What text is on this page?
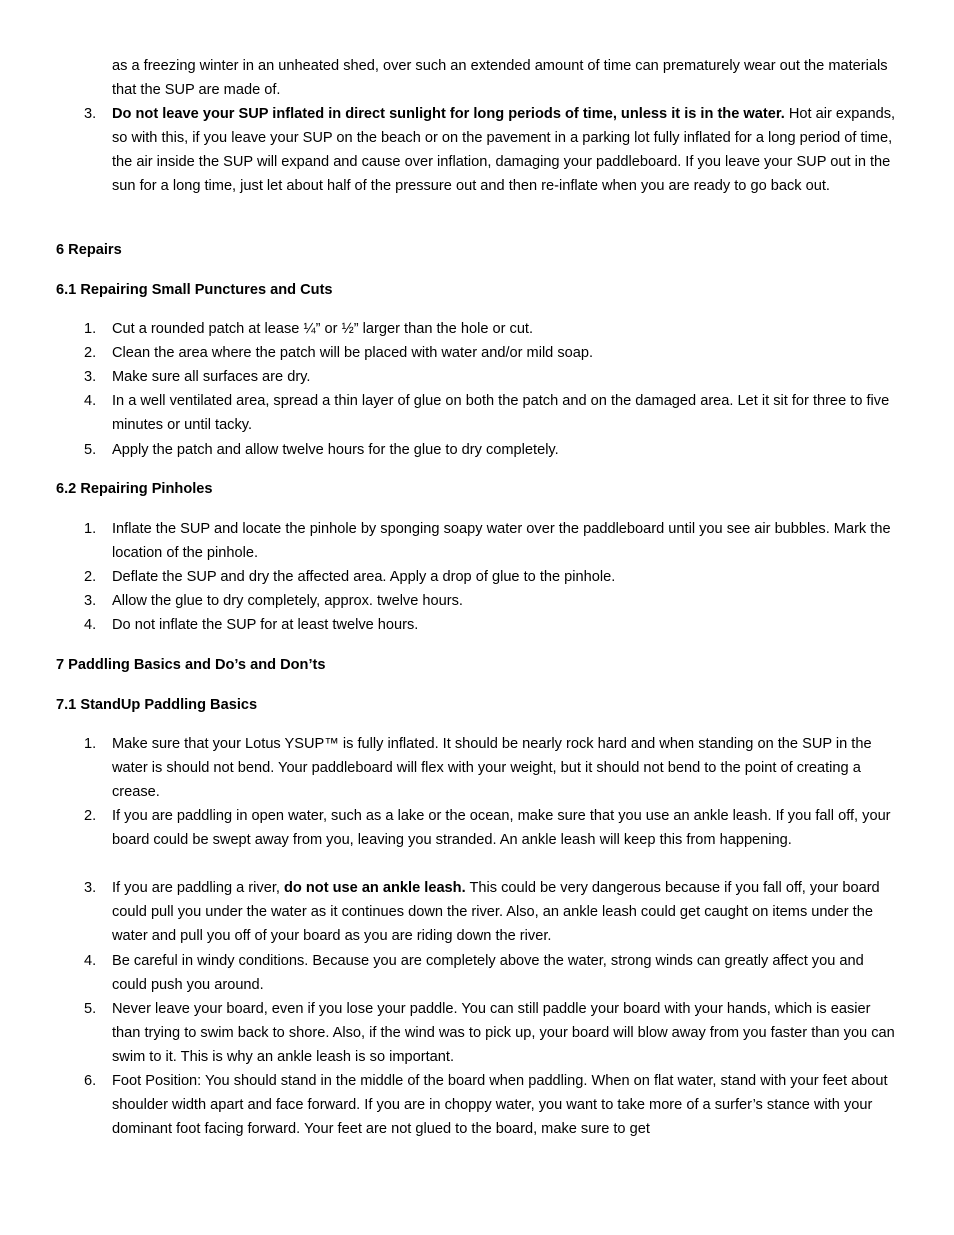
as a freezing winter in an unheated shed, over such an extended amount of time can prematurely wear out the materials that the SUP are made of.

3.	Do not leave your SUP inflated in direct sunlight for long periods of time, unless it is in the water. Hot air expands, so with this, if you leave your SUP on the beach or on the pavement in a parking lot fully inflated for a long period of time, the air inside the SUP will expand and cause over inflation, damaging your paddleboard. If you leave your SUP out in the sun for a long time, just let about half of the pressure out and then re-inflate when you are ready to go back out.
6 Repairs
6.1 Repairing Small Punctures and Cuts
1.	Cut a rounded patch at lease ¼” or ½” larger than the hole or cut.
2.	Clean the area where the patch will be placed with water and/or mild soap.
3.	Make sure all surfaces are dry.
4.	In a well ventilated area, spread a thin layer of glue on both the patch and on the damaged area. Let it sit for three to five minutes or until tacky.
5.	Apply the patch and allow twelve hours for the glue to dry completely.
6.2 Repairing Pinholes
1.	Inflate the SUP and locate the pinhole by sponging soapy water over the paddleboard until you see air bubbles. Mark the location of the pinhole.
2.	Deflate the SUP and dry the affected area. Apply a drop of glue to the pinhole.
3.	Allow the glue to dry completely, approx. twelve hours.
4.	Do not inflate the SUP for at least twelve hours.
7 Paddling Basics and Do’s and Don’ts
7.1 StandUp Paddling Basics
1.	Make sure that your Lotus YSUP™ is fully inflated. It should be nearly rock hard and when standing on the SUP in the water is should not bend. Your paddleboard will flex with your weight, but it should not bend to the point of creating a crease.
2.	If you are paddling in open water, such as a lake or the ocean, make sure that you use an ankle leash. If you fall off, your board could be swept away from you, leaving you stranded. An ankle leash will keep this from happening.
3.	If you are paddling a river, do not use an ankle leash. This could be very dangerous because if you fall off, your board could pull you under the water as it continues down the river. Also, an ankle leash could get caught on items under the water and pull you off of your board as you are riding down the river.
4.	Be careful in windy conditions. Because you are completely above the water, strong winds can greatly affect you and could push you around.
5.	Never leave your board, even if you lose your paddle. You can still paddle your board with your hands, which is easier than trying to swim back to shore. Also, if the wind was to pick up, your board will blow away from you faster than you can swim to it. This is why an ankle leash is so important.
6.	Foot Position: You should stand in the middle of the board when paddling. When on flat water, stand with your feet about shoulder width apart and face forward. If you are in choppy water, you want to take more of a surfer’s stance with your dominant foot facing forward. Your feet are not glued to the board, make sure to get
